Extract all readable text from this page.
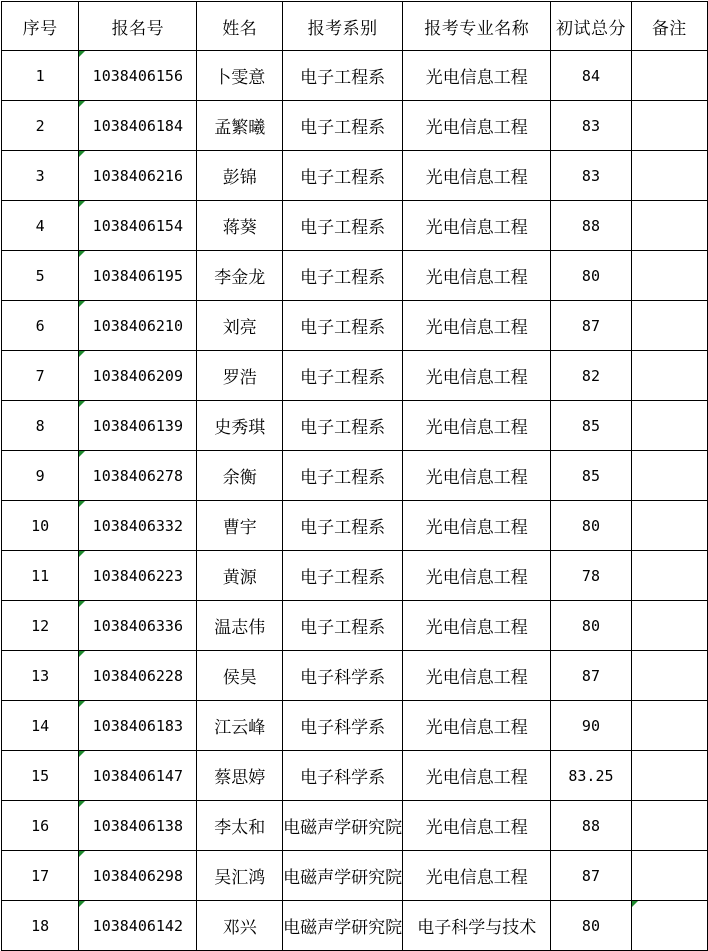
序号	报名号	姓名	报考系别	报考专业名称	初试总分	备注
1	1038406156	卜雯意	电子工程系	光电信息工程	84	
2	1038406184	孟繁曦	电子工程系	光电信息工程	83	
3	1038406216	彭锦	电子工程系	光电信息工程	83	
4	1038406154	蒋葵	电子工程系	光电信息工程	88	
5	1038406195	李金龙	电子工程系	光电信息工程	80	
6	1038406210	刘亮	电子工程系	光电信息工程	87	
7	1038406209	罗浩	电子工程系	光电信息工程	82	
8	1038406139	史秀琪	电子工程系	光电信息工程	85	
9	1038406278	余衡	电子工程系	光电信息工程	85	
10	1038406332	曹宇	电子工程系	光电信息工程	80	
11	1038406223	黄源	电子工程系	光电信息工程	78	
12	1038406336	温志伟	电子工程系	光电信息工程	80	
13	1038406228	侯昊	电子科学系	光电信息工程	87	
14	1038406183	江云峰	电子科学系	光电信息工程	90	
15	1038406147	蔡思婷	电子科学系	光电信息工程	83.25	
16	1038406138	李太和	电磁声学研究院	光电信息工程	88	
17	1038406298	吴汇鸿	电磁声学研究院	光电信息工程	87	
18	1038406142	邓兴	电磁声学研究院	电子科学与技术	80	
